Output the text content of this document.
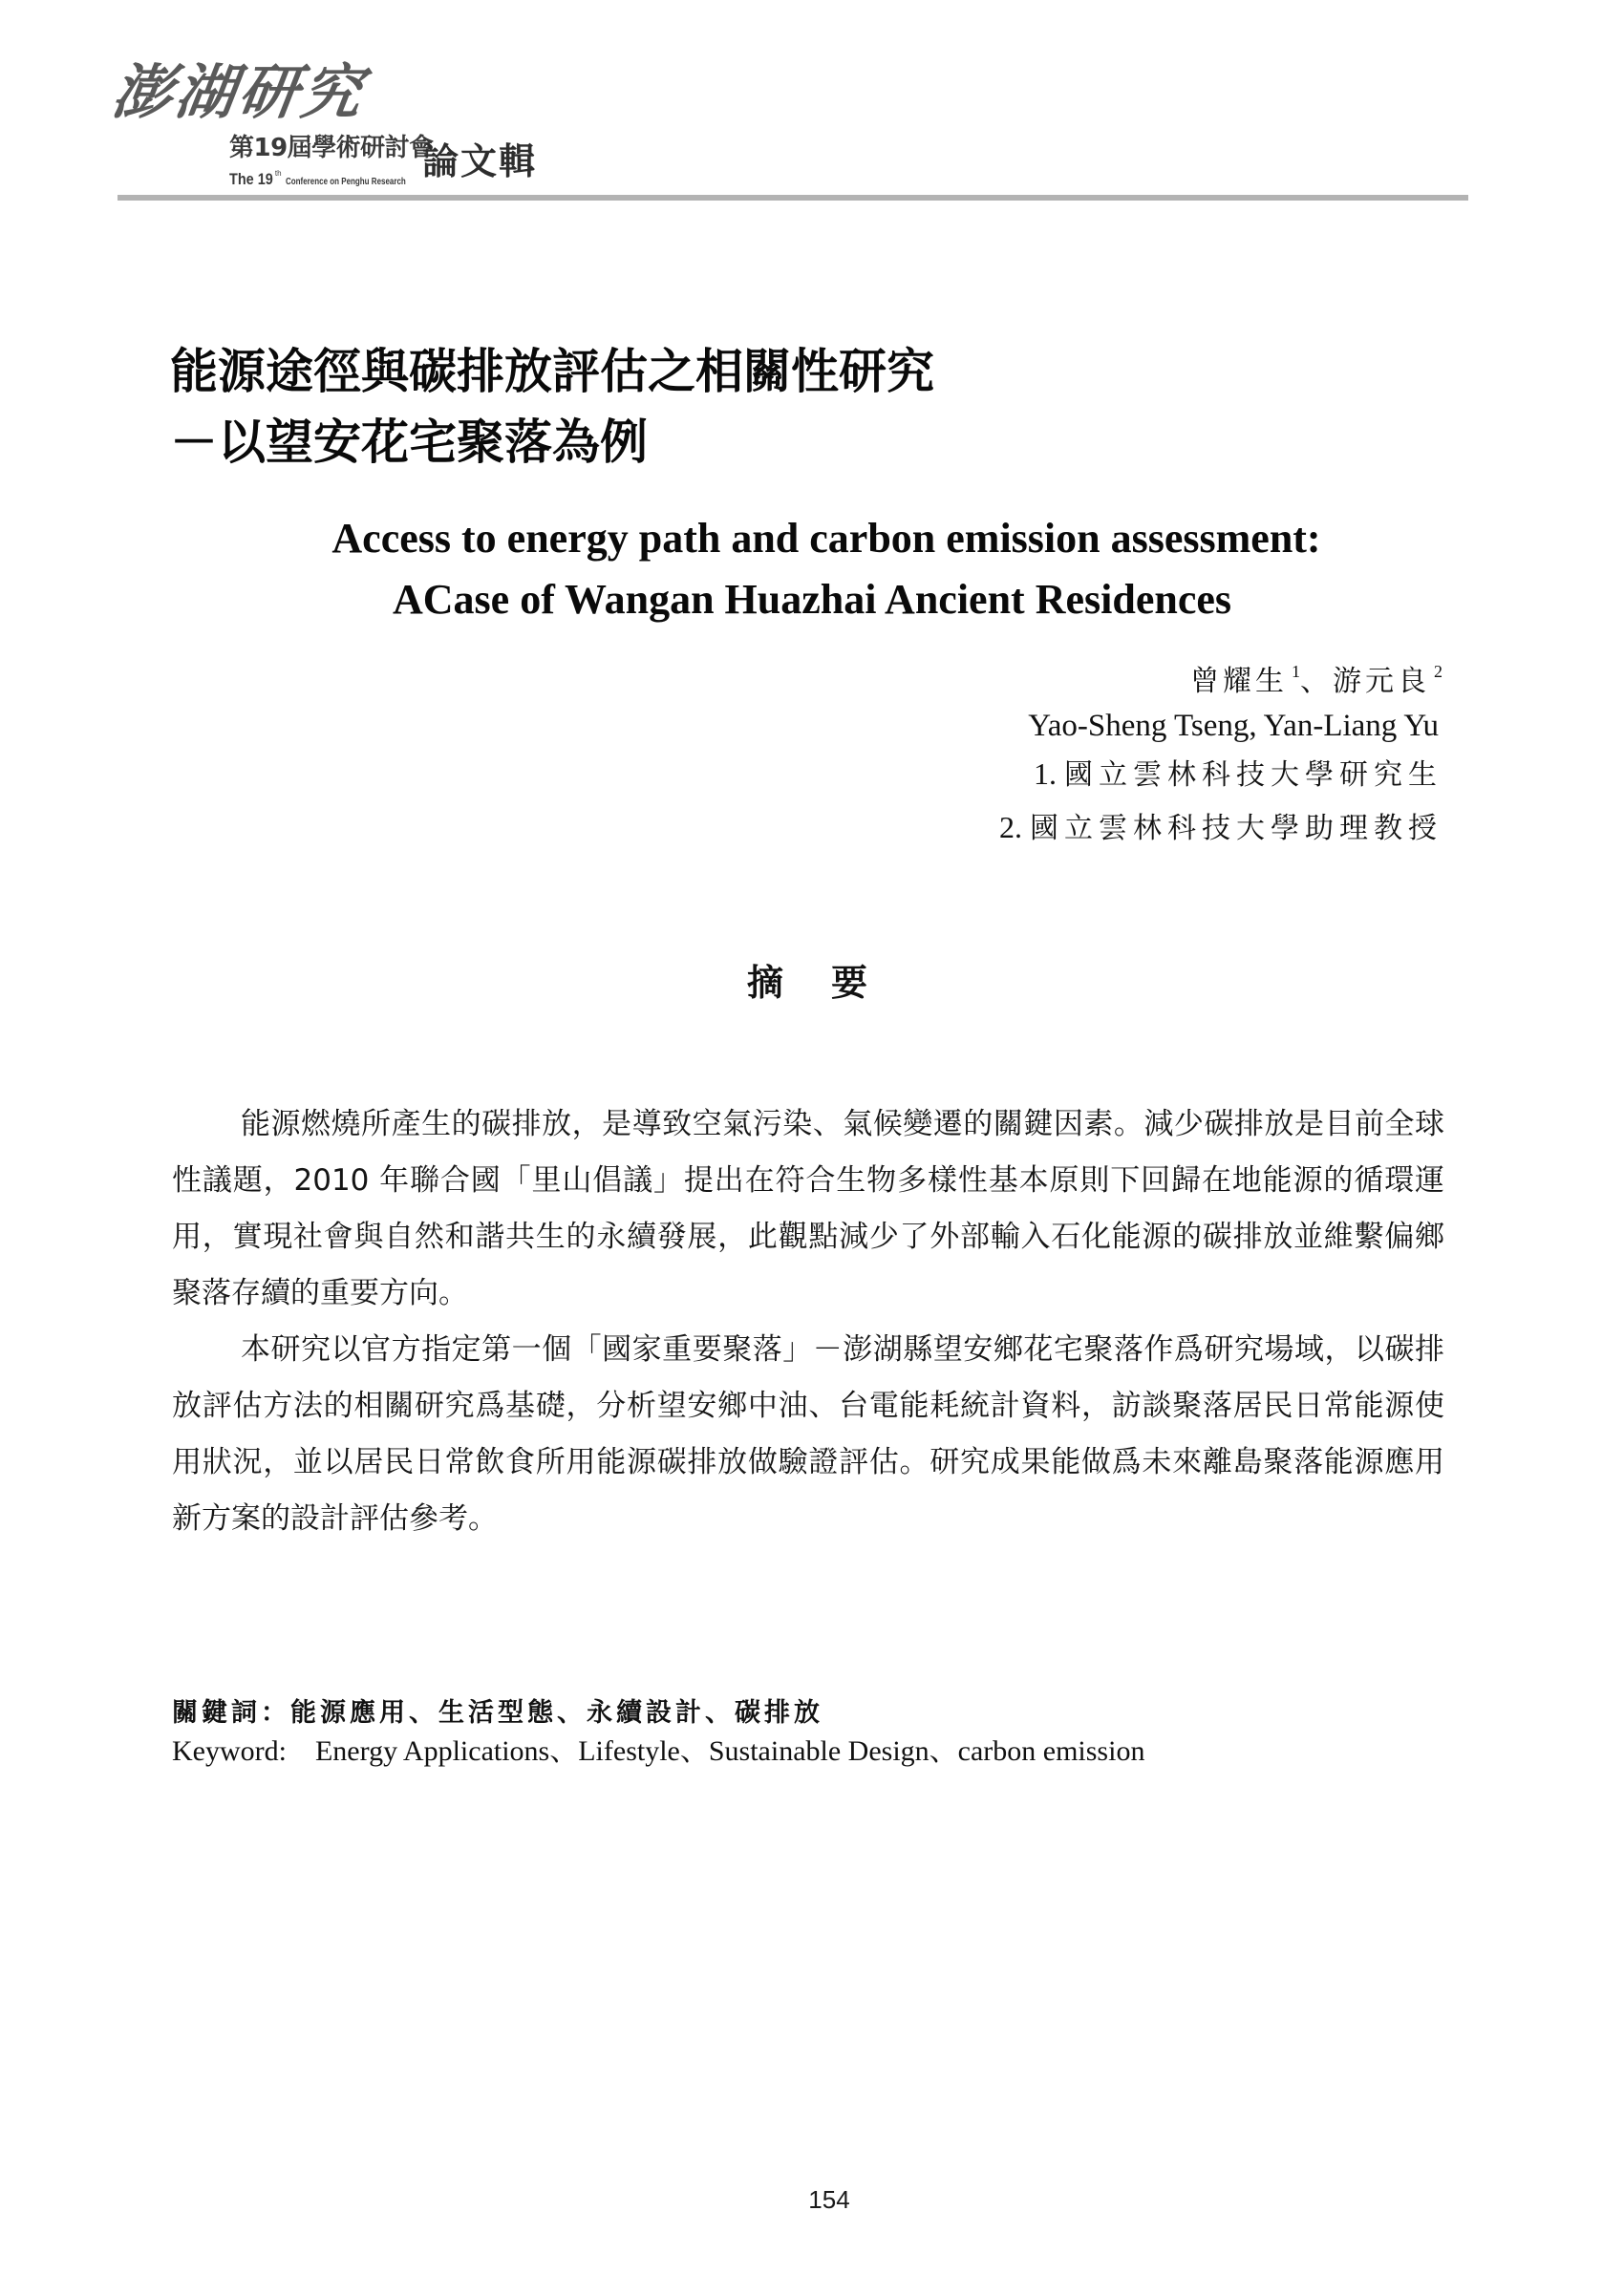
澎湖研究
第19屆學術研討會
The 19 $^{th}$Conference on Penghu Research 論文輯
能源途徑與碳排放評估之相關性研究
－以望安花宅聚落為例
Access to energy path and carbon emission assessment:
ACase of Wangan Huazhai Ancient Residences
曾耀生 $^1$、游元良 $^2$
Yao-Sheng Tseng, Yan-Liang Yu
1. 國立雲林科技大學研究生
2. 國立雲林科技大學助理教授
摘要

能源燃燒所產生的碳排放，是導致空氣污染、氣候變遷的關鍵因素。減少碳排放是目前全球性議題，2010 年聯合國「里山倡議」提出在符合生物多樣性基本原則下回歸在地能源的循環運用，實現社會與自然和諧共生的永續發展，此觀點減少了外部輸入石化能源的碳排放並維繫偏鄉聚落存續的重要方向。

本研究以官方指定第一個「國家重要聚落」－澎湖縣望安鄉花宅聚落作爲研究場域，以碳排放評估方法的相關研究爲基礎，分析望安鄉中油、台電能耗統計資料，訪談聚落居民日常能源使用狀況，並以居民日常飲食所用能源碳排放做驗證評估。研究成果能做爲未來離島聚落能源應用新方案的設計評估參考。

關鍵詞：能源應用、生活型態、永續設計、碳排放
Keyword: Energy Applications、Lifestyle、Sustainable Design、carbon emission
154
